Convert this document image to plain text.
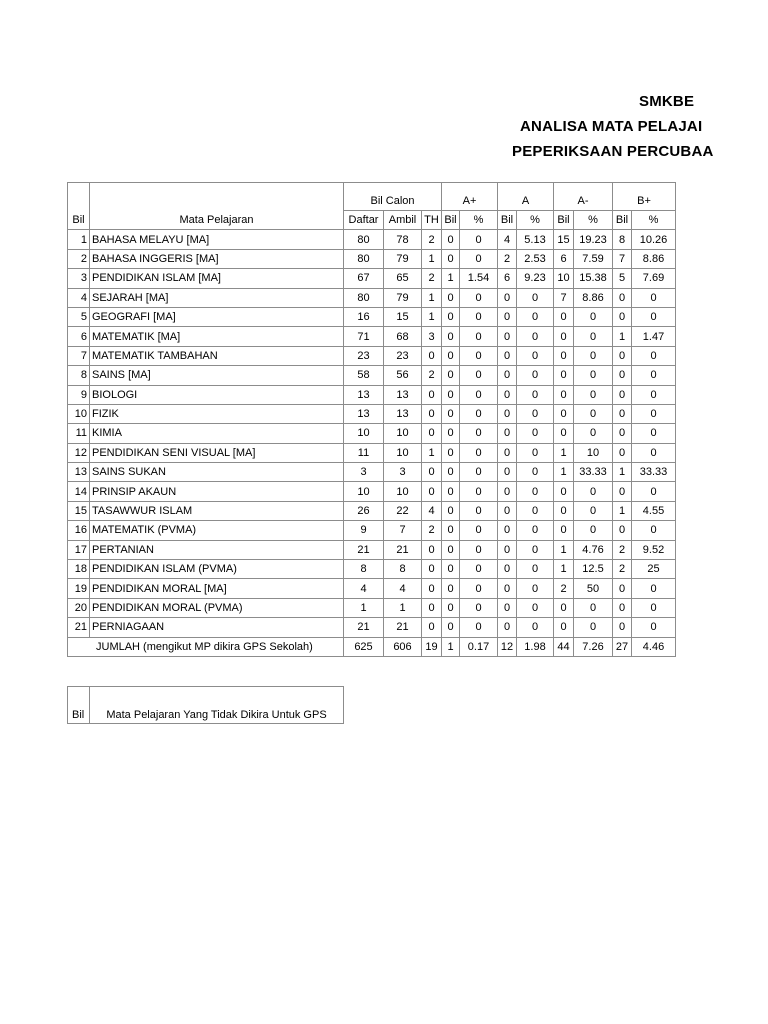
SMKBE
ANALISA MATA PELAJAI
PEPERIKSAAN PERCUBAA

		Bil Calon			A+		A		A-		B+	
Bil	Mata Pelajaran	Daftar	Ambil	TH	Bil	%	Bil	%	Bil	%	Bil	%
1	BAHASA MELAYU [MA]	80	78	2	0	0	4	5.13	15	19.23	8	10.26
2	BAHASA INGGERIS [MA]	80	79	1	0	0	2	2.53	6	7.59	7	8.86
3	PENDIDIKAN ISLAM [MA]	67	65	2	1	1.54	6	9.23	10	15.38	5	7.69
4	SEJARAH [MA]	80	79	1	0	0	0	0	7	8.86	0	0
5	GEOGRAFI [MA]	16	15	1	0	0	0	0	0	0	0	0
6	MATEMATIK [MA]	71	68	3	0	0	0	0	0	0	1	1.47
7	MATEMATIK TAMBAHAN	23	23	0	0	0	0	0	0	0	0	0
8	SAINS [MA]	58	56	2	0	0	0	0	0	0	0	0
9	BIOLOGI	13	13	0	0	0	0	0	0	0	0	0
10	FIZIK	13	13	0	0	0	0	0	0	0	0	0
11	KIMIA	10	10	0	0	0	0	0	0	0	0	0
12	PENDIDIKAN SENI VISUAL [MA]	11	10	1	0	0	0	0	1	10	0	0
13	SAINS SUKAN	3	3	0	0	0	0	0	1	33.33	1	33.33
14	PRINSIP AKAUN	10	10	0	0	0	0	0	0	0	0	0
15	TASAWWUR ISLAM	26	22	4	0	0	0	0	0	0	1	4.55
16	MATEMATIK (PVMA)	9	7	2	0	0	0	0	0	0	0	0
17	PERTANIAN	21	21	0	0	0	0	0	1	4.76	2	9.52
18	PENDIDIKAN ISLAM (PVMA)	8	8	0	0	0	0	0	1	12.5	2	25
19	PENDIDIKAN MORAL [MA]	4	4	0	0	0	0	0	2	50	0	0
20	PENDIDIKAN MORAL (PVMA)	1	1	0	0	0	0	0	0	0	0	0
21	PERNIAGAAN	21	21	0	0	0	0	0	0	0	0	0
JUMLAH (mengikut MP dikira GPS Sekolah)		625	606	19	1	0.17	12	1.98	44	7.26	27	4.46
Bil	Mata Pelajaran Yang Tidak Dikira Untuk GPS
